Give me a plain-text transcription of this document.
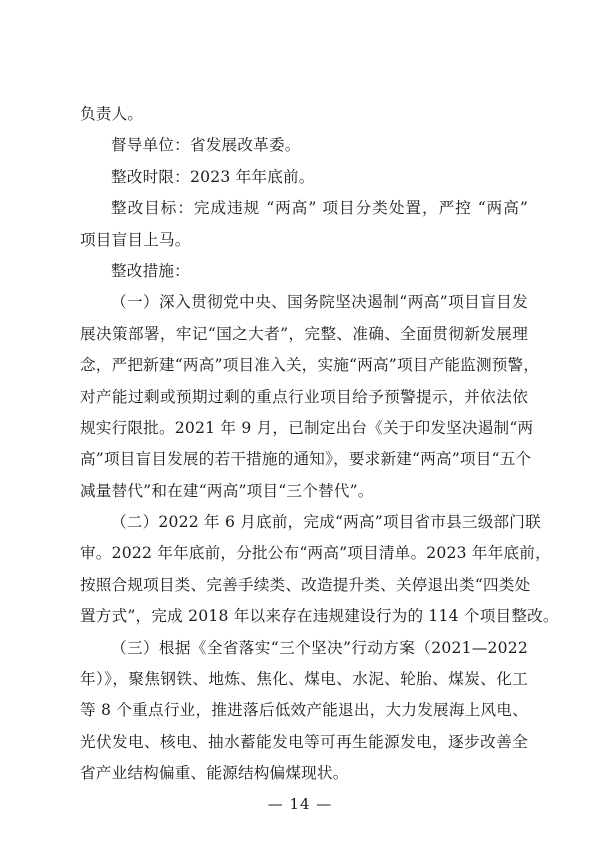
负责人。
督导单位：省发展改革委。
整改时限：2023 年年底前。
整改目标：完成违规 “两高” 项目分类处置，严控 “两高”
项目盲目上马。
整改措施：
（一）深入贯彻党中央、国务院坚决遏制“两高”项目盲目发
展决策部署，牢记“国之大者”，完整、准确、全面贯彻新发展理
念，严把新建“两高”项目准入关，实施“两高”项目产能监测预警，
对产能过剩或预期过剩的重点行业项目给予预警提示，并依法依
规实行限批。2021 年 9 月，已制定出台《关于印发坚决遏制“两
高”项目盲目发展的若干措施的通知》，要求新建“两高”项目“五个
减量替代”和在建“两高”项目“三个替代”。
（二）2022 年 6 月底前，完成“两高”项目省市县三级部门联
审。2022 年年底前，分批公布“两高”项目清单。2023 年年底前，
按照合规项目类、完善手续类、改造提升类、关停退出类“四类处
置方式”，完成 2018 年以来存在违规建设行为的 114 个项目整改。
（三）根据《全省落实“三个坚决”行动方案（2021—2022
年）》，聚焦钢铁、地炼、焦化、煤电、水泥、轮胎、煤炭、化工
等 8 个重点行业，推进落后低效产能退出，大力发展海上风电、
光伏发电、核电、抽水蓄能发电等可再生能源发电，逐步改善全
省产业结构偏重、能源结构偏煤现状。
— 14 —
